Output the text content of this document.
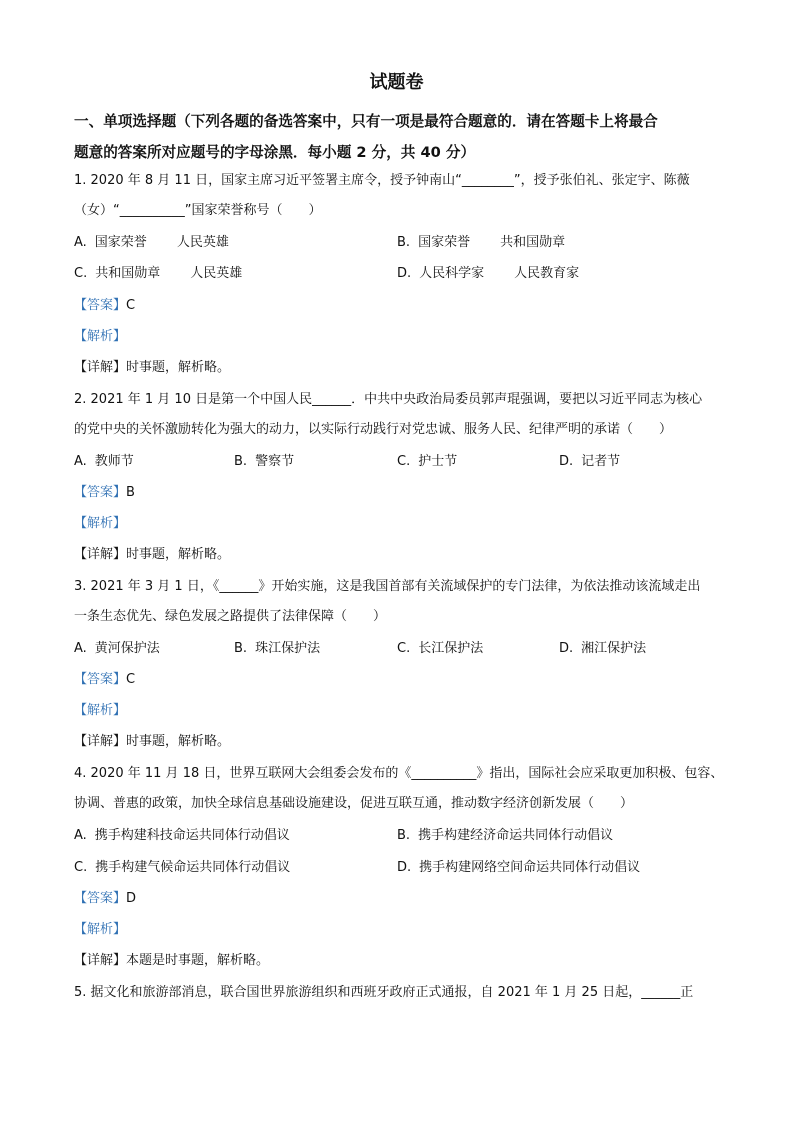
试题卷
一、单项选择题（下列各题的备选答案中，只有一项是最符合题意的．请在答题卡上将最合
题意的答案所对应题号的字母涂黑．每小题 2 分，共 40 分）
1. 2020 年 8 月 11 日，国家主席习近平签署主席令，授予钟南山“________”，授予张伯礼、张定宇、陈薇
（女）“__________”国家荣誉称号（　　）
A. 国家荣誉 人民英雄	B. 国家荣誉 共和国勋章
C. 共和国勋章 人民英雄	D. 人民科学家 人民教育家
【答案】C
【解析】
【详解】时事题，解析略。
2. 2021 年 1 月 10 日是第一个中国人民______．中共中央政治局委员郭声琨强调，要把以习近平同志为核心
的党中央的关怀激励转化为强大的动力，以实际行动践行对党忠诚、服务人民、纪律严明的承诺（　　）
A. 教师节	B. 警察节	C. 护士节	D. 记者节
【答案】B
【解析】
【详解】时事题，解析略。
3. 2021 年 3 月 1 日，《______》开始实施，这是我国首部有关流域保护的专门法律，为依法推动该流域走出
一条生态优先、绿色发展之路提供了法律保障（　　）
A. 黄河保护法	B. 珠江保护法	C. 长江保护法	D. 湘江保护法
【答案】C
【解析】
【详解】时事题，解析略。
4. 2020 年 11 月 18 日，世界互联网大会组委会发布的《__________》指出，国际社会应采取更加积极、包容、
协调、普惠的政策，加快全球信息基础设施建设，促进互联互通，推动数字经济创新发展（　　）
A. 携手构建科技命运共同体行动倡议	B. 携手构建经济命运共同体行动倡议
C. 携手构建气候命运共同体行动倡议	D. 携手构建网络空间命运共同体行动倡议
【答案】D
【解析】
【详解】本题是时事题，解析略。
5. 据文化和旅游部消息，联合国世界旅游组织和西班牙政府正式通报，自 2021 年 1 月 25 日起，______正
